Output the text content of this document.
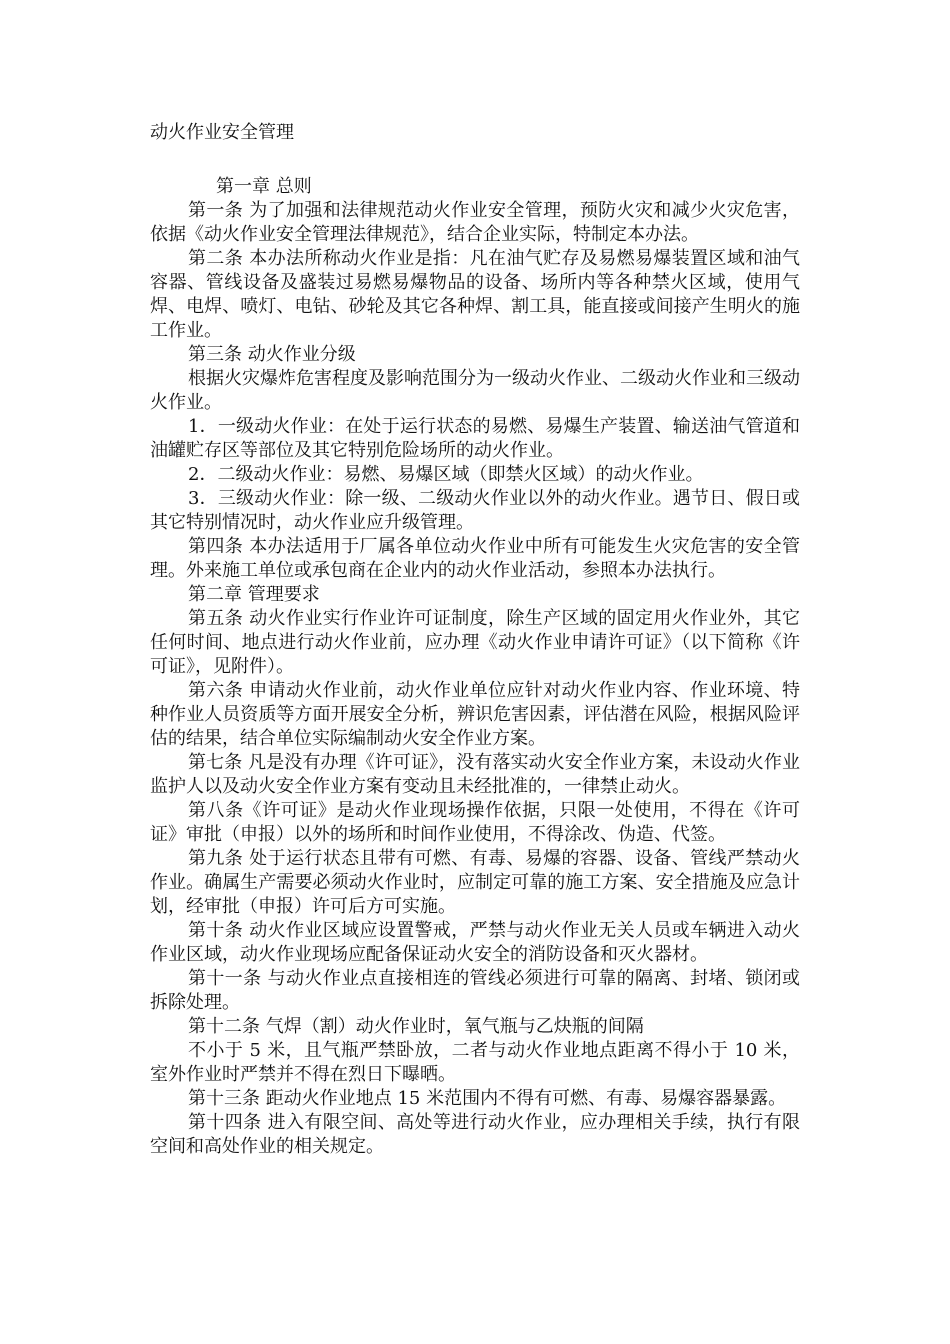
动火作业安全管理
第一章 总则

第一条 为了加强和法律规范动火作业安全管理，预防火灾和减少火灾危害， 依据《动火作业安全管理法律规范》，结合企业实际，特制定本办法。

第二条 本办法所称动火作业是指：凡在油气贮存及易燃易爆装置区域和油气容器、管线设备及盛装过易燃易爆物品的设备、场所内等各种禁火区域，使用气焊、电焊、喷灯、电钻、砂轮及其它各种焊、割工具，能直接或间接产生明火的施工作业。

第三条 动火作业分级

根据火灾爆炸危害程度及影响范围分为一级动火作业、二级动火作业和三级动火作业。

1．一级动火作业：在处于运行状态的易燃、易爆生产装置、输送油气管道和油罐贮存区等部位及其它特别危险场所的动火作业。

2．二级动火作业：易燃、易爆区域（即禁火区域）的动火作业。

3．三级动火作业：除一级、二级动火作业以外的动火作业。遇节日、假日或其它特别情况时，动火作业应升级管理。

第四条 本办法适用于厂属各单位动火作业中所有可能发生火灾危害的安全管理。外来施工单位或承包商在企业内的动火作业活动，参照本办法执行。

第二章 管理要求

第五条 动火作业实行作业许可证制度，除生产区域的固定用火作业外，其它任何时间、地点进行动火作业前，应办理《动火作业申请许可证》（以下简称《许可证》，见附件）。

第六条 申请动火作业前，动火作业单位应针对动火作业内容、作业环境、特种作业人员资质等方面开展安全分析，辨识危害因素，评估潜在风险，根据风险评估的结果，结合单位实际编制动火安全作业方案。

第七条 凡是没有办理《许可证》，没有落实动火安全作业方案，未设动火作业监护人以及动火安全作业方案有变动且未经批准的，一律禁止动火。

第八条《许可证》是动火作业现场操作依据，只限一处使用，不得在《许可证》审批（申报）以外的场所和时间作业使用，不得涂改、伪造、代签。

第九条 处于运行状态且带有可燃、有毒、易爆的容器、设备、管线严禁动火作业。确属生产需要必须动火作业时，应制定可靠的施工方案、安全措施及应急计划，经审批（申报）许可后方可实施。

第十条 动火作业区域应设置警戒，严禁与动火作业无关人员或车辆进入动火作业区域，动火作业现场应配备保证动火安全的消防设备和灭火器材。

第十一条 与动火作业点直接相连的管线必须进行可靠的隔离、封堵、锁闭或拆除处理。

第十二条 气焊（割）动火作业时，氧气瓶与乙炔瓶的间隔

不小于 5 米，且气瓶严禁卧放，二者与动火作业地点距离不得小于 10 米，室外作业时严禁并不得在烈日下曝晒。

第十三条 距动火作业地点 15 米范围内不得有可燃、有毒、易爆容器暴露。

第十四条 进入有限空间、高处等进行动火作业，应办理相关手续，执行有限空间和高处作业的相关规定。
